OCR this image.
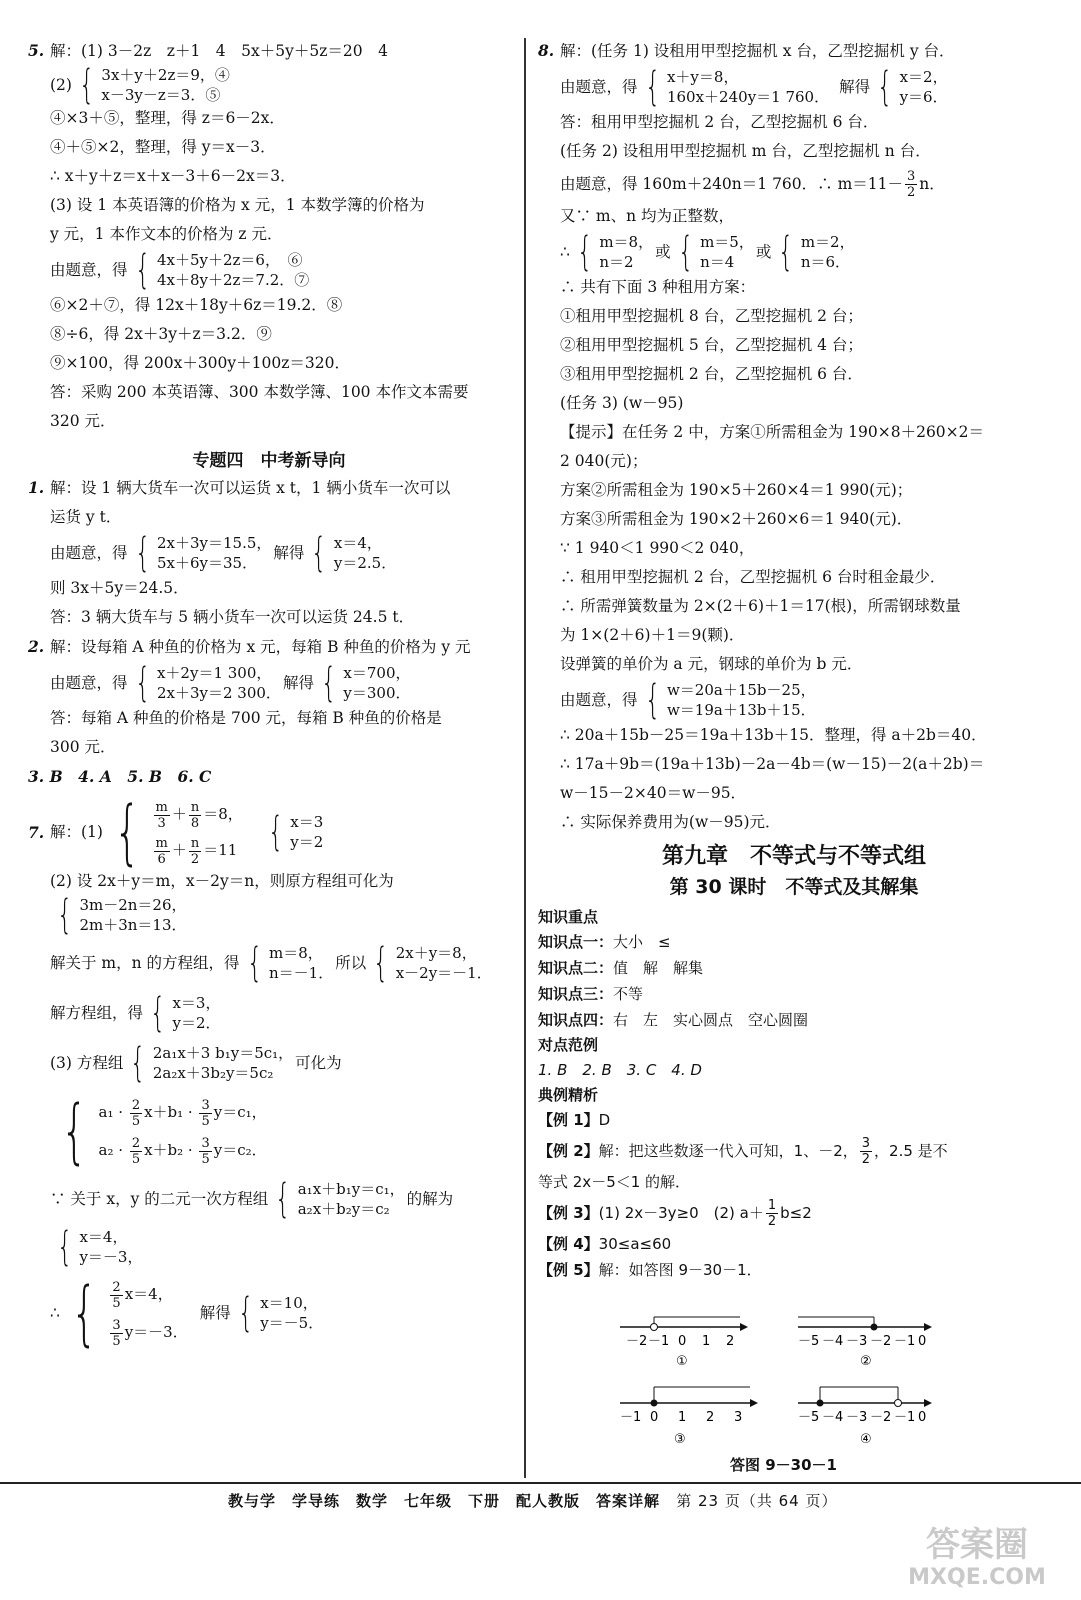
5. 解：(1) 3－2z　z＋1　4　5x＋5y＋5z＝20　4
(2) { 3x＋y＋2z＝9，④
x－3y－z＝3．⑤
④×3＋⑤，整理，得 z＝6－2x．
④＋⑤×2，整理，得 y＝x－3．
∴ x＋y＋z＝x＋x－3＋6－2x＝3．
(3) 设 1 本英语簿的价格为 x 元，1 本数学簿的价格为
y 元，1 本作文本的价格为 z 元．
由题意，得 { 4x＋5y＋2z＝6，　⑥
4x＋8y＋2z＝7.2．⑦
⑥×2＋⑦，得 12x＋18y＋6z＝19.2．⑧
⑧÷6，得 2x＋3y＋z＝3.2．⑨
⑨×100，得 200x＋300y＋100z＝320．
答：采购 200 本英语簿、300 本数学簿、100 本作文本需要
320 元．
专题四　中考新导向
1. 解：设 1 辆大货车一次可以运货 x t，1 辆小货车一次可以
运货 y t．
由题意，得 { 2x＋3y＝15.5，
5x＋6y＝35．
解得 { x＝4，
y＝2.5．
则 3x＋5y＝24.5．
答：3 辆大货车与 5 辆小货车一次可以运货 24.5 t．
2. 解：设每箱 A 种鱼的价格为 x 元，每箱 B 种鱼的价格为 y 元
由题意，得 { x＋2y＝1 300，
2x＋3y＝2 300．
解得 { x＝700，
y＝300．
答：每箱 A 种鱼的价格是 700 元，每箱 B 种鱼的价格是
300 元．
3. B　4. A　5. B　6. C
7. 解：(1) { $\frac{m}{3} + \frac{n}{8} =8$，
$\frac{m}{6} + \frac{n}{2} =11$ { x＝3
y＝2
(2) 设 2x＋y＝m，x－2y＝n，则原方程组可化为
{ 3m－2n＝26，
2m＋3n＝13．
解关于 m，n 的方程组，得 { m＝8，
n＝－1．
所以 { 2x＋y＝8，
x－2y＝－1．
解方程组，得 { x＝3，
y＝2．
(3) 方程组 { 2a₁x＋3 b₁y＝5c₁，
2a₂x＋3b₂y＝5c₂
可化为
{ $a_1 \cdot \frac{2}{5} x+b_1 \cdot \frac{3}{5} y=c_1$，
$a_2 \cdot \frac{2}{5} x+b_2 \cdot \frac{3}{5} y=c_2$．
∵ 关于 x，y 的二元一次方程组 { a₁x＋b₁y＝c₁，
a₂x＋b₂y＝c₂
的解为
{ x＝4，
y＝－3，
∴ { $\frac{2}{5} x=4$，
$\frac{3}{5} y=-3$．
解得 { x＝10，
y＝－5．
8. 解：(任务 1) 设租用甲型挖掘机 x 台，乙型挖掘机 y 台．
由题意，得 { x＋y＝8，
160x＋240y＝1 760．
解得 { x＝2，
y＝6．
答：租用甲型挖掘机 2 台，乙型挖掘机 6 台．
(任务 2) 设租用甲型挖掘机 m 台，乙型挖掘机 n 台．
由题意，得 160m＋240n＝1 760．∴ $m=11- \frac{3}{2}$ n．
又∵ m、n 均为正整数，
∴ { m＝8，
n＝2
或 { m＝5，
n＝4
或 { m＝2，
n＝6．
∴ 共有下面 3 种租用方案：
①租用甲型挖掘机 8 台，乙型挖掘机 2 台；
②租用甲型挖掘机 5 台，乙型挖掘机 4 台；
③租用甲型挖掘机 2 台，乙型挖掘机 6 台．
(任务 3) (w－95)
【提示】在任务 2 中，方案①所需租金为 190×8＋260×2＝
2 040(元)；
方案②所需租金为 190×5＋260×4＝1 990(元)；
方案③所需租金为 190×2＋260×6＝1 940(元)．
∵ 1 940＜1 990＜2 040，
∴ 租用甲型挖掘机 2 台，乙型挖掘机 6 台时租金最少．
∴ 所需弹簧数量为 2×(2＋6)＋1＝17(根)，所需钢球数量
为 1×(2＋6)＋1＝9(颗)．
设弹簧的单价为 a 元，钢球的单价为 b 元．
由题意，得 { w＝20a＋15b－25，
w＝19a＋13b＋15．
∴ 20a＋15b－25＝19a＋13b＋15．整理，得 a＋2b＝40．
∴ 17a＋9b＝(19a＋13b)－2a－4b＝(w－15)－2(a＋2b)＝
w－15－2×40＝w－95．
∴ 实际保养费用为(w－95)元．
第九章　不等式与不等式组
第 30 课时　不等式及其解集
知识重点
知识点一：大小　≤
知识点二：值　解　解集
知识点三：不等
知识点四：右　左　实心圆点　空心圆圈
对点范例
1. B　2. B　3. C　4. D
典例精析
【例 1】D
【例 2】 解：把这些数逐一代入可知，1、－2， $\frac{3}{2}$ ，2.5 是不
等式 2x－5＜1 的解．
【例 3】 (1) 2x－3y≥0　(2) $a+ \frac{1}{2} b\le 2$
【例 4】30≤a≤60
【例 5】解：如答图 9－30－1．
－2 －1 0 1 2
①
－5 －4 －3 －2 －1 0
②
－1 0 1 2 3
③
－5 －4 －3 －2 －1 0
④
答图 9－30－1
教与学　学导练　数学　七年级　下册　配人教版　答案详解 第 23 页（共 64 页）
答案圈
MXQE.COM
